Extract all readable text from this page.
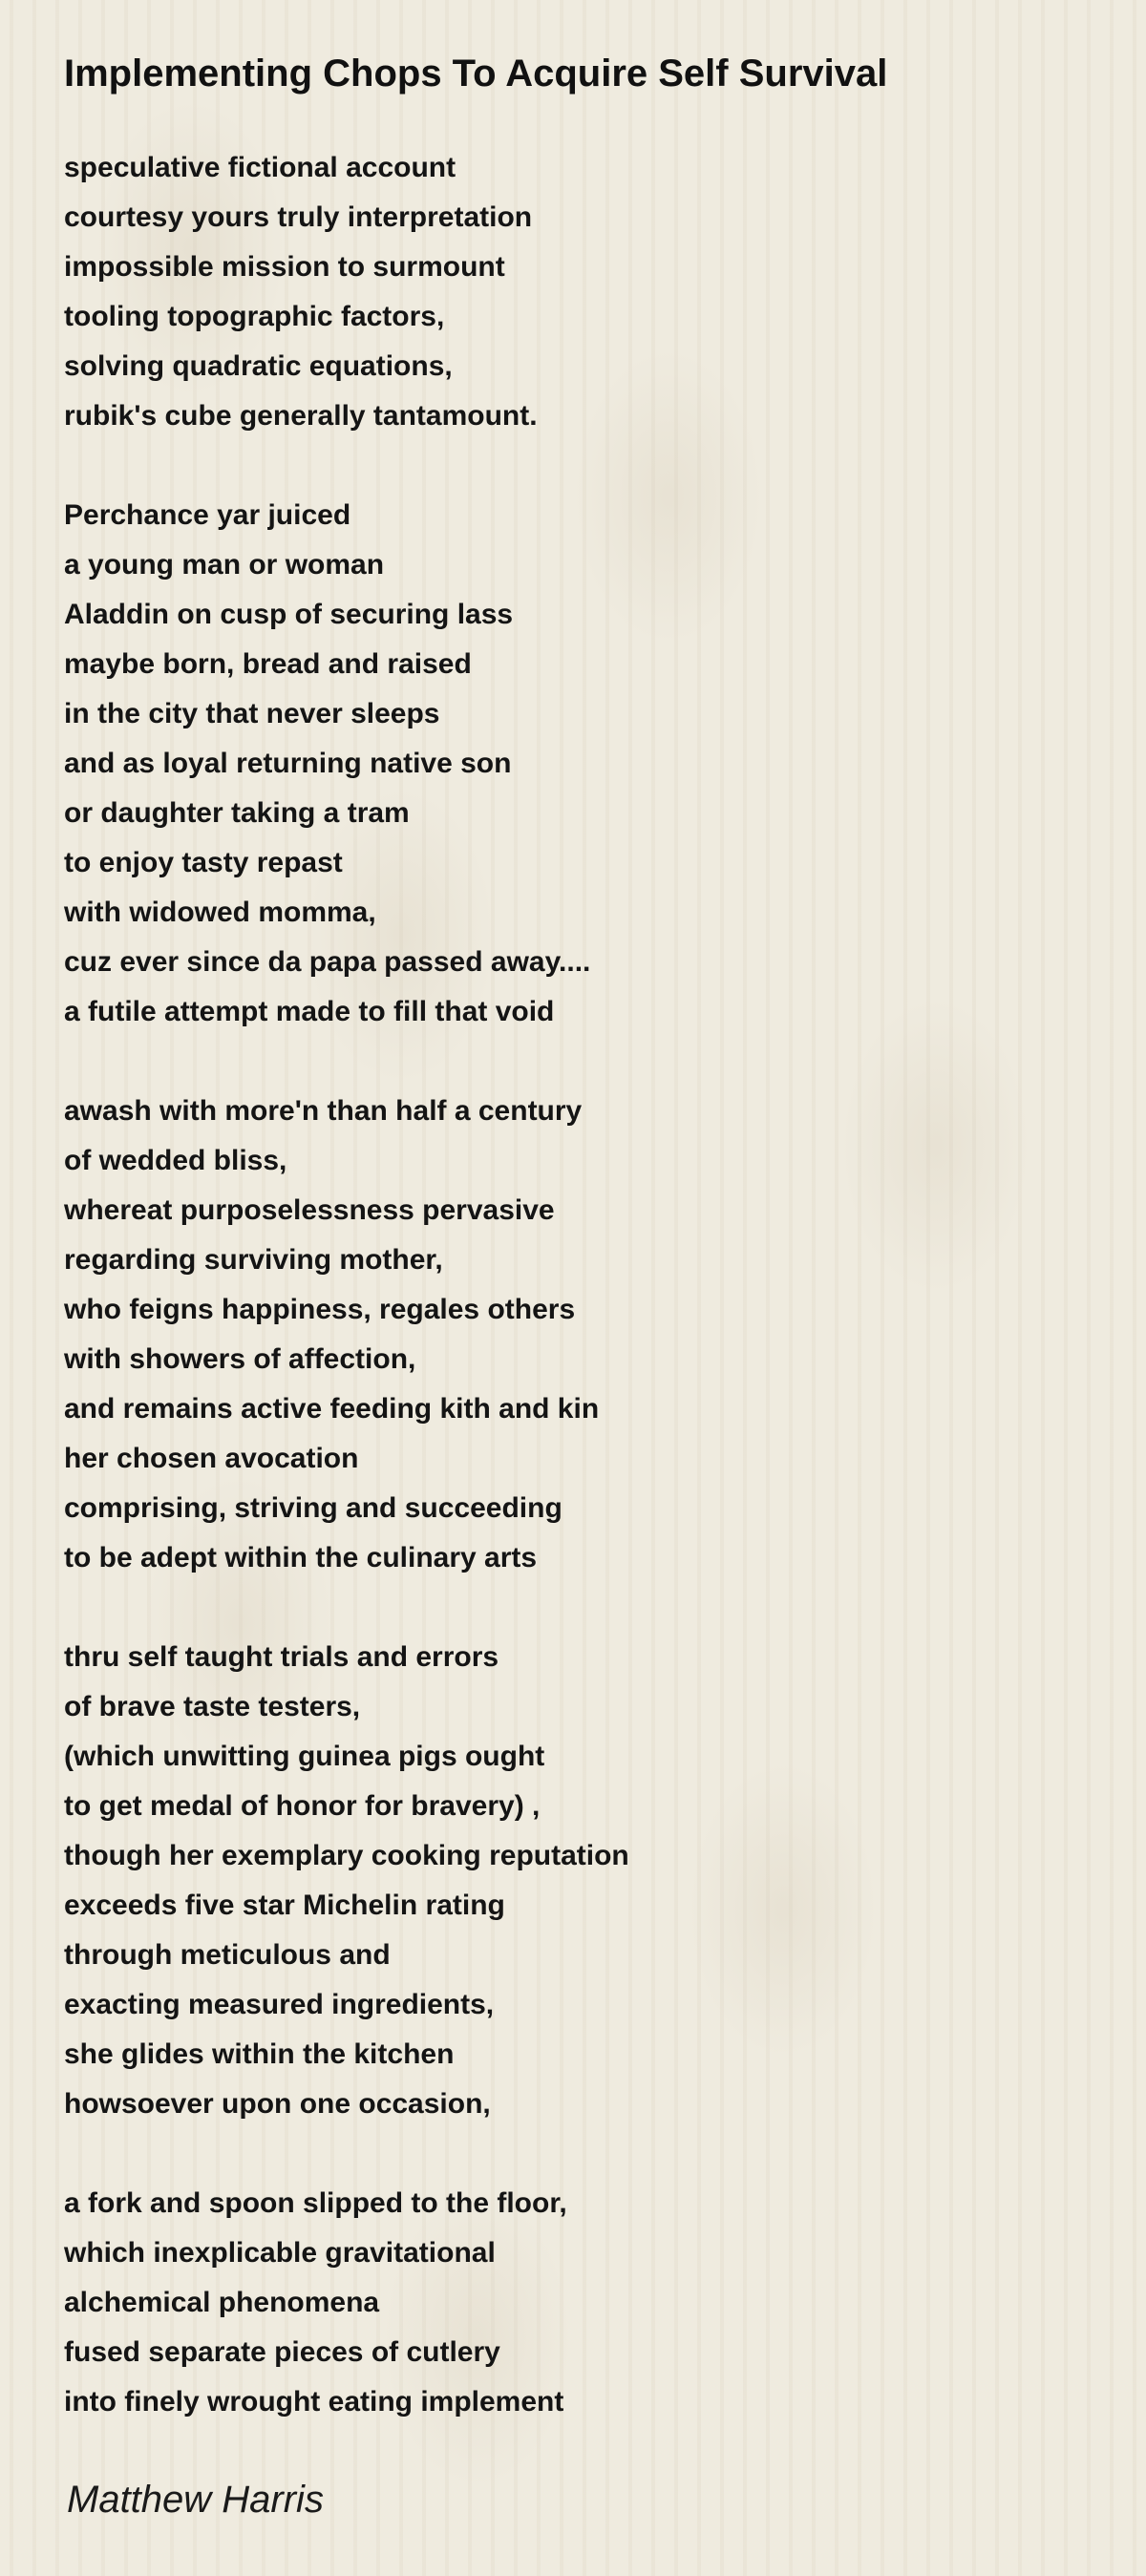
Implementing Chops To Acquire Self Survival
speculative fictional account
courtesy yours truly interpretation
impossible mission to surmount
tooling topographic factors,
solving quadratic equations,
rubik's cube generally tantamount.
Perchance yar juiced
a young man or woman
Aladdin on cusp of securing lass
maybe born, bread and raised
in the city that never sleeps
and as loyal returning native son
or daughter taking a tram
to enjoy tasty repast
with widowed momma,
cuz ever since da papa passed away....
a futile attempt made to fill that void
awash with more'n than half a century
of wedded bliss,
whereat purposelessness pervasive
regarding surviving mother,
who feigns happiness, regales others
with showers of affection,
and remains active feeding kith and kin
her chosen avocation
comprising, striving and succeeding
to be adept within the culinary arts
thru self taught trials and errors
of brave taste testers,
(which unwitting guinea pigs ought
to get medal of honor for bravery) ,
though her exemplary cooking reputation
exceeds five star Michelin rating
through meticulous and
exacting measured ingredients,
she glides within the kitchen
howsoever upon one occasion,
a fork and spoon slipped to the floor,
which inexplicable gravitational
alchemical phenomena
fused separate pieces of cutlery
into finely wrought eating implement
Matthew Harris
